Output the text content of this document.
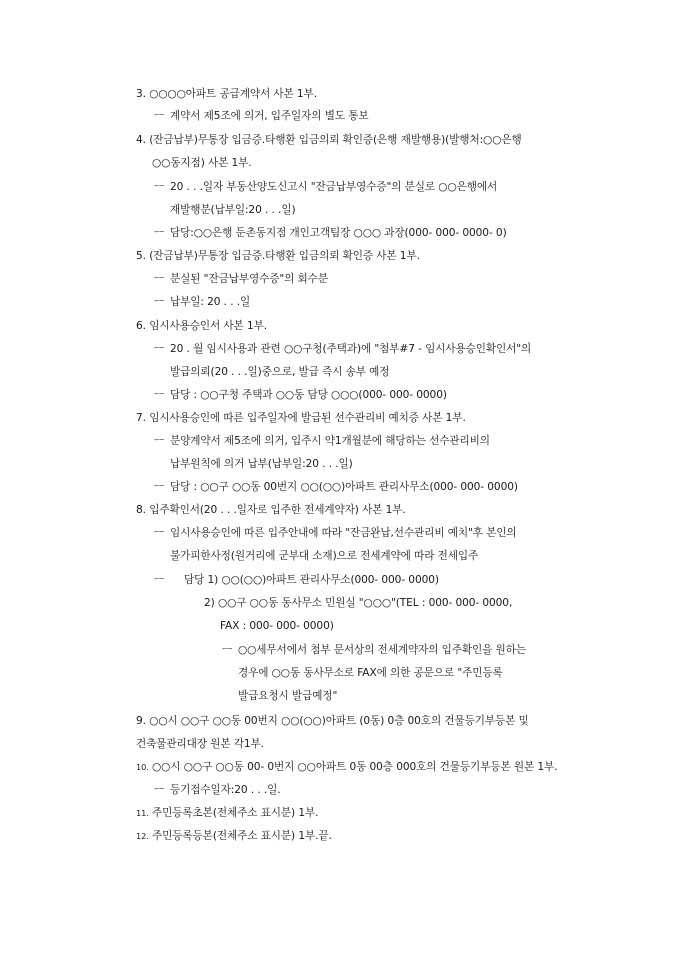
3. ○○○○아파트 공급계약서 사본 1부.
ㅡ 계약서 제5조에 의거, 입주일자의 별도 통보
4. (잔금납부)무통장 입금증.타행환 입금의뢰 확인증(은행 재발행용)(발행처:○○은행
○○동지점) 사본 1부.
ㅡ 20 . . .일자 부동산양도신고시 "잔금납부영수증"의 분실로 ○○은행에서
재발행분(납부일:20 . . .일)
ㅡ 담당:○○은행 둔촌동지점 개인고객팀장 ○○○ 과장(000- 000- 0000- 0)
5. (잔금납부)무통장 입금증.타행환 입금의뢰 확인증 사본 1부.
ㅡ 분실된 "잔금납부영수증"의 회수분
ㅡ 납부일: 20 . . .일
6. 임시사용승인서 사본 1부.
ㅡ 20 . 월 임시사용과 관련 ○○구청(주택과)에 "첨부#7 - 임시사용승인확인서"의
발급의뢰(20 . . .일)중으로, 발급 즉시 송부 예정
ㅡ 담당 : ○○구청 주택과 ○○동 담당 ○○○(000- 000- 0000)
7. 임시사용승인에 따른 입주일자에 발급된 선수관리비 예치증 사본 1부.
ㅡ 분양계약서 제5조에 의거, 입주시 약1개월분에 해당하는 선수관리비의
납부원칙에 의거 납부(납부일:20 . . .일)
ㅡ 담당 : ○○구 ○○동 00번지 ○○(○○)아파트 관리사무소(000- 000- 0000)
8. 입주확인서(20 . . .일자로 입주한 전세계약자) 사본 1부.
ㅡ 임시사용승인에 따른 입주안내에 따라 "잔금완납,선수관리비 예치"후 본인의
불가피한사정(원거리에 군부대 소재)으로 전세계약에 따라 전세입주
ㅡ 담당 1) ○○(○○)아파트 관리사무소(000- 000- 0000)
2) ○○구 ○○동 동사무소 민원실 "○○○"(TEL : 000- 000- 0000,
FAX : 000- 000- 0000)
ㅡ ○○세무서에서 첨부 문서상의 전세계약자의 입주확인을 원하는
경우에 ○○동 동사무소로 FAX에 의한 공문으로 "주민등록
발급요청시 발급예정"
9. ○○시 ○○구 ○○동 00번지 ○○(○○)아파트 (0동) 0층 00호의 건물등기부등본 및
건축물관리대장 원본 각1부.
10. ○○시 ○○구 ○○동 00- 0번지 ○○아파트 0동 00층 000호의 건물등기부등본 원본 1부.
ㅡ 등기접수일자:20 . . .일.
11. 주민등록초본(전체주소 표시분) 1부.
12. 주민등록등본(전체주소 표시분) 1부.끝.
